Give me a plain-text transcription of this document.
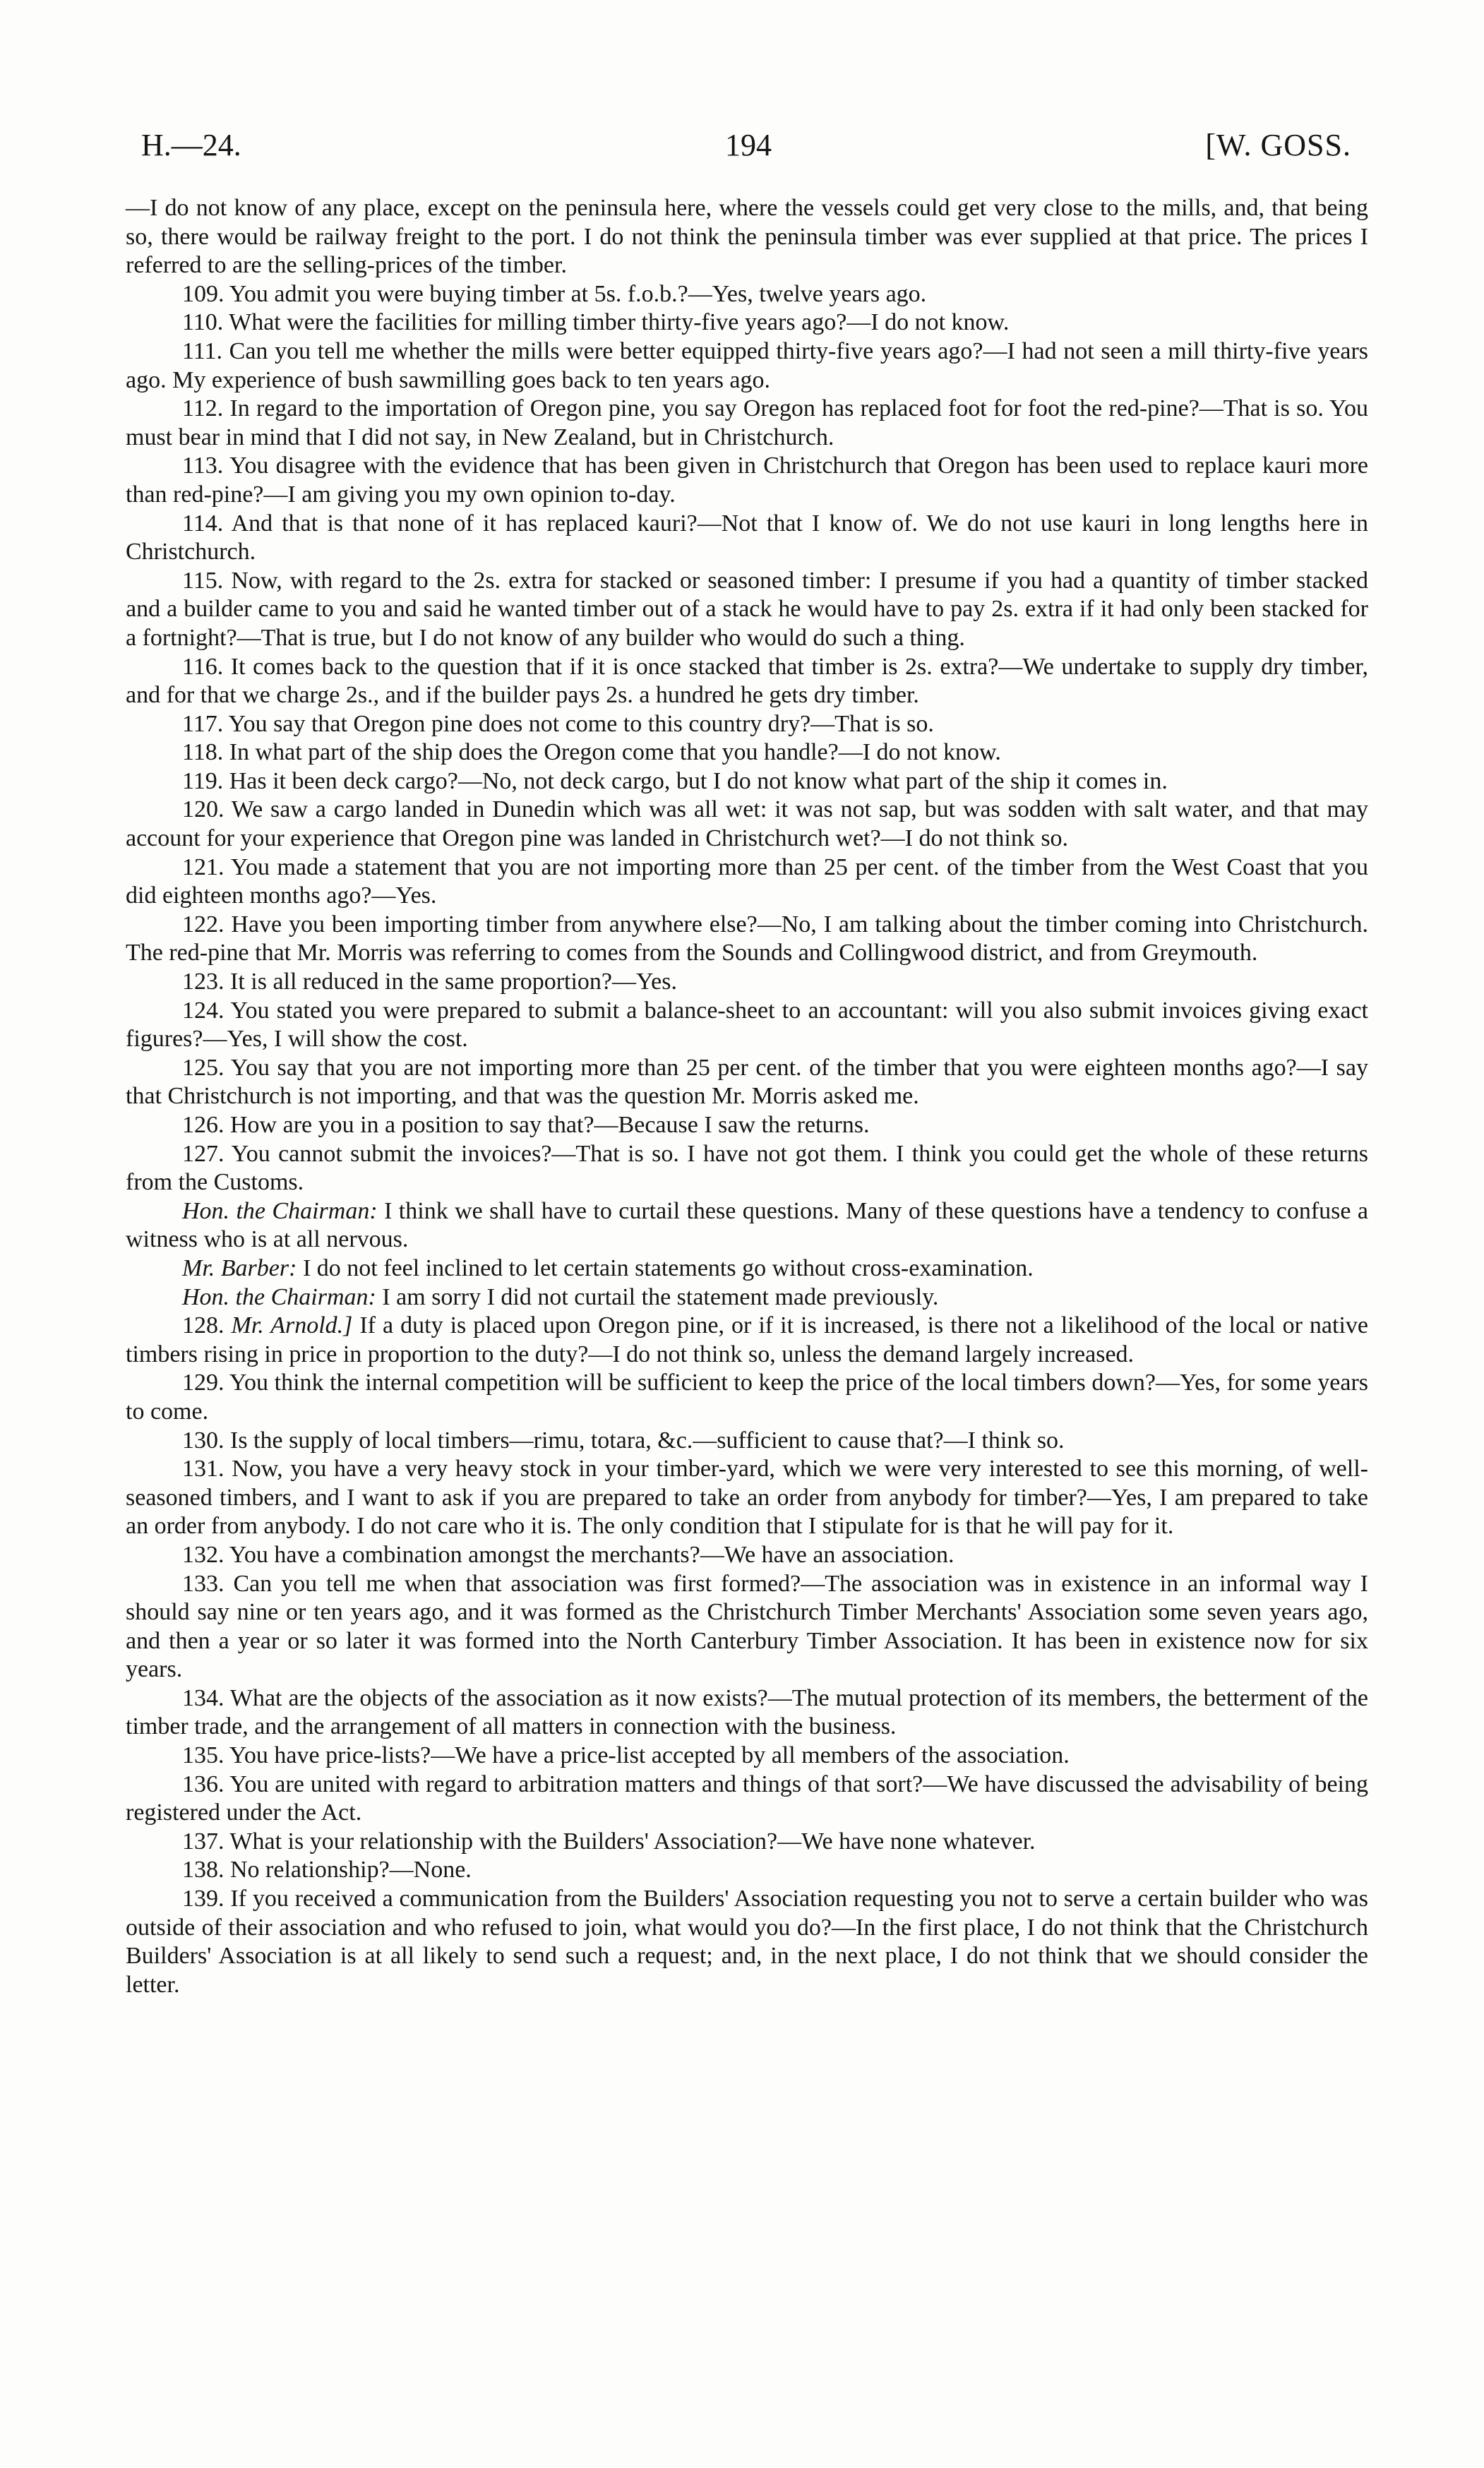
H.—24.	194	[W. GOSS.

—I do not know of any place, except on the peninsula here, where the vessels could get very close to the mills, and, that being so, there would be railway freight to the port. I do not think the peninsula timber was ever supplied at that price. The prices I referred to are the selling-prices of the timber.

109. You admit you were buying timber at 5s. f.o.b.?—Yes, twelve years ago.

110. What were the facilities for milling timber thirty-five years ago?—I do not know.

111. Can you tell me whether the mills were better equipped thirty-five years ago?—I had not seen a mill thirty-five years ago. My experience of bush sawmilling goes back to ten years ago.

112. In regard to the importation of Oregon pine, you say Oregon has replaced foot for foot the red-pine?—That is so. You must bear in mind that I did not say, in New Zealand, but in Christchurch.

113. You disagree with the evidence that has been given in Christchurch that Oregon has been used to replace kauri more than red-pine?—I am giving you my own opinion to-day.

114. And that is that none of it has replaced kauri?—Not that I know of. We do not use kauri in long lengths here in Christchurch.

115. Now, with regard to the 2s. extra for stacked or seasoned timber: I presume if you had a quantity of timber stacked and a builder came to you and said he wanted timber out of a stack he would have to pay 2s. extra if it had only been stacked for a fortnight?—That is true, but I do not know of any builder who would do such a thing.

116. It comes back to the question that if it is once stacked that timber is 2s. extra?—We undertake to supply dry timber, and for that we charge 2s., and if the builder pays 2s. a hundred he gets dry timber.

117. You say that Oregon pine does not come to this country dry?—That is so.

118. In what part of the ship does the Oregon come that you handle?—I do not know.

119. Has it been deck cargo?—No, not deck cargo, but I do not know what part of the ship it comes in.

120. We saw a cargo landed in Dunedin which was all wet: it was not sap, but was sodden with salt water, and that may account for your experience that Oregon pine was landed in Christchurch wet?—I do not think so.

121. You made a statement that you are not importing more than 25 per cent. of the timber from the West Coast that you did eighteen months ago?—Yes.

122. Have you been importing timber from anywhere else?—No, I am talking about the timber coming into Christchurch. The red-pine that Mr. Morris was referring to comes from the Sounds and Collingwood district, and from Greymouth.

123. It is all reduced in the same proportion?—Yes.

124. You stated you were prepared to submit a balance-sheet to an accountant: will you also submit invoices giving exact figures?—Yes, I will show the cost.

125. You say that you are not importing more than 25 per cent. of the timber that you were eighteen months ago?—I say that Christchurch is not importing, and that was the question Mr. Morris asked me.

126. How are you in a position to say that?—Because I saw the returns.

127. You cannot submit the invoices?—That is so. I have not got them. I think you could get the whole of these returns from the Customs.

Hon. the Chairman: I think we shall have to curtail these questions. Many of these questions have a tendency to confuse a witness who is at all nervous.

Mr. Barber: I do not feel inclined to let certain statements go without cross-examination.

Hon. the Chairman: I am sorry I did not curtail the statement made previously.

128. Mr. Arnold.] If a duty is placed upon Oregon pine, or if it is increased, is there not a likelihood of the local or native timbers rising in price in proportion to the duty?—I do not think so, unless the demand largely increased.

129. You think the internal competition will be sufficient to keep the price of the local timbers down?—Yes, for some years to come.

130. Is the supply of local timbers—rimu, totara, &c.—sufficient to cause that?—I think so.

131. Now, you have a very heavy stock in your timber-yard, which we were very interested to see this morning, of well-seasoned timbers, and I want to ask if you are prepared to take an order from anybody for timber?—Yes, I am prepared to take an order from anybody. I do not care who it is. The only condition that I stipulate for is that he will pay for it.

132. You have a combination amongst the merchants?—We have an association.

133. Can you tell me when that association was first formed?—The association was in existence in an informal way I should say nine or ten years ago, and it was formed as the Christchurch Timber Merchants' Association some seven years ago, and then a year or so later it was formed into the North Canterbury Timber Association. It has been in existence now for six years.

134. What are the objects of the association as it now exists?—The mutual protection of its members, the betterment of the timber trade, and the arrangement of all matters in connection with the business.

135. You have price-lists?—We have a price-list accepted by all members of the association.

136. You are united with regard to arbitration matters and things of that sort?—We have discussed the advisability of being registered under the Act.

137. What is your relationship with the Builders' Association?—We have none whatever.

138. No relationship?—None.

139. If you received a communication from the Builders' Association requesting you not to serve a certain builder who was outside of their association and who refused to join, what would you do?—In the first place, I do not think that the Christchurch Builders' Association is at all likely to send such a request; and, in the next place, I do not think that we should consider the letter.
